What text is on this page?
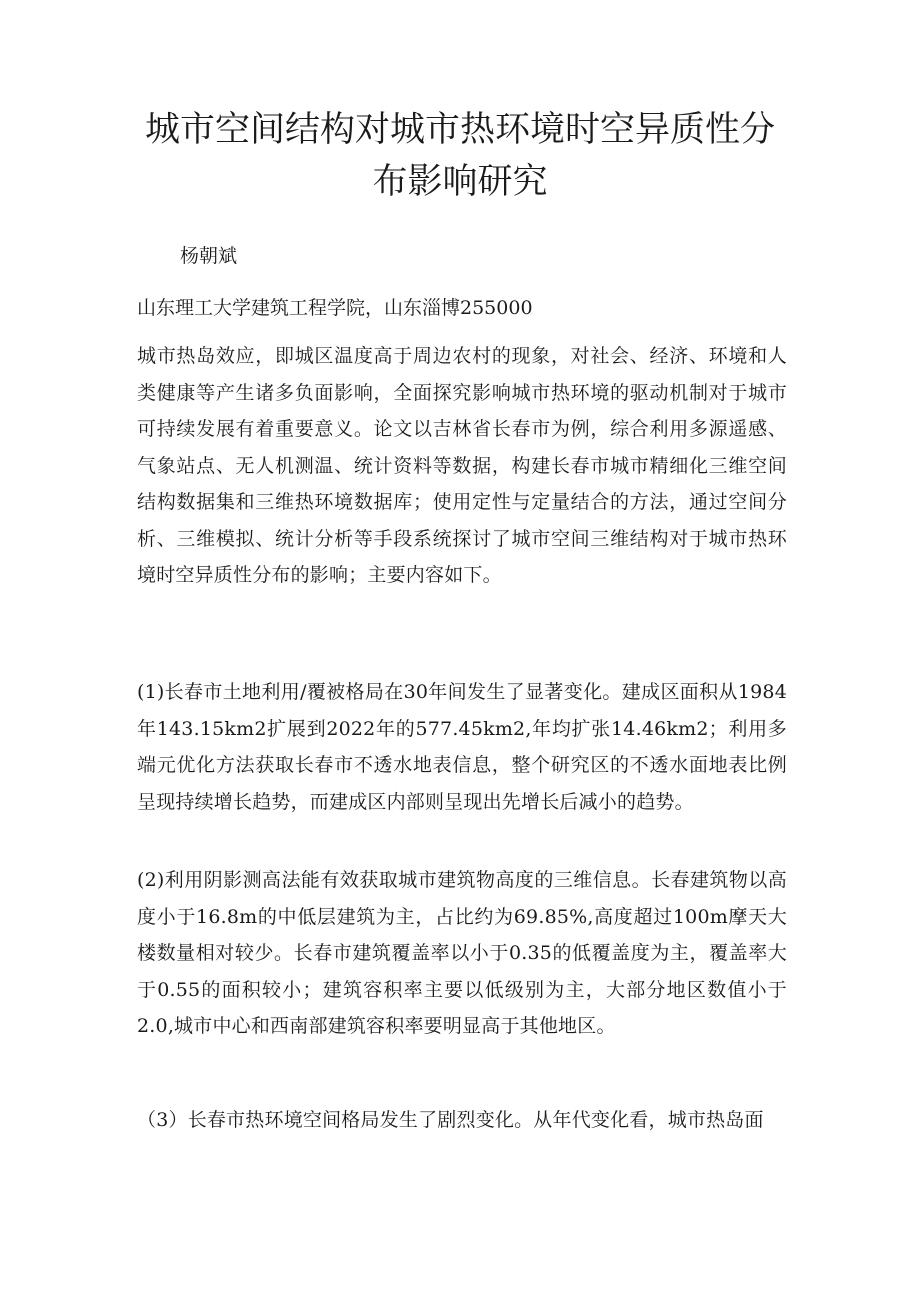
城市空间结构对城市热环境时空异质性分
布影响研究
杨朝斌
山东理工大学建筑工程学院，山东淄博255000

城市热岛效应，即城区温度高于周边农村的现象，对社会、经济、环境和人类健康等产生诸多负面影响，全面探究影响城市热环境的驱动机制对于城市可持续发展有着重要意义。论文以吉林省长春市为例，综合利用多源遥感、气象站点、无人机测温、统计资料等数据，构建长春市城市精细化三维空间结构数据集和三维热环境数据库；使用定性与定量结合的方法，通过空间分析、三维模拟、统计分析等手段系统探讨了城市空间三维结构对于城市热环境时空异质性分布的影响；主要内容如下。

(1)长春市土地利用/覆被格局在30年间发生了显著变化。建成区面积从1984年143.15km2扩展到2022年的577.45km2,年均扩张14.46km2；利用多端元优化方法获取长春市不透水地表信息，整个研究区的不透水面地表比例呈现持续增长趋势，而建成区内部则呈现出先增长后减小的趋势。

(2)利用阴影测高法能有效获取城市建筑物高度的三维信息。长春建筑物以高度小于16.8m的中低层建筑为主，占比约为69.85%,高度超过100m摩天大楼数量相对较少。长春市建筑覆盖率以小于0.35的低覆盖度为主，覆盖率大于0.55的面积较小；建筑容积率主要以低级别为主，大部分地区数值小于2.0,城市中心和西南部建筑容积率要明显高于其他地区。

（3）长春市热环境空间格局发生了剧烈变化。从年代变化看，城市热岛面
